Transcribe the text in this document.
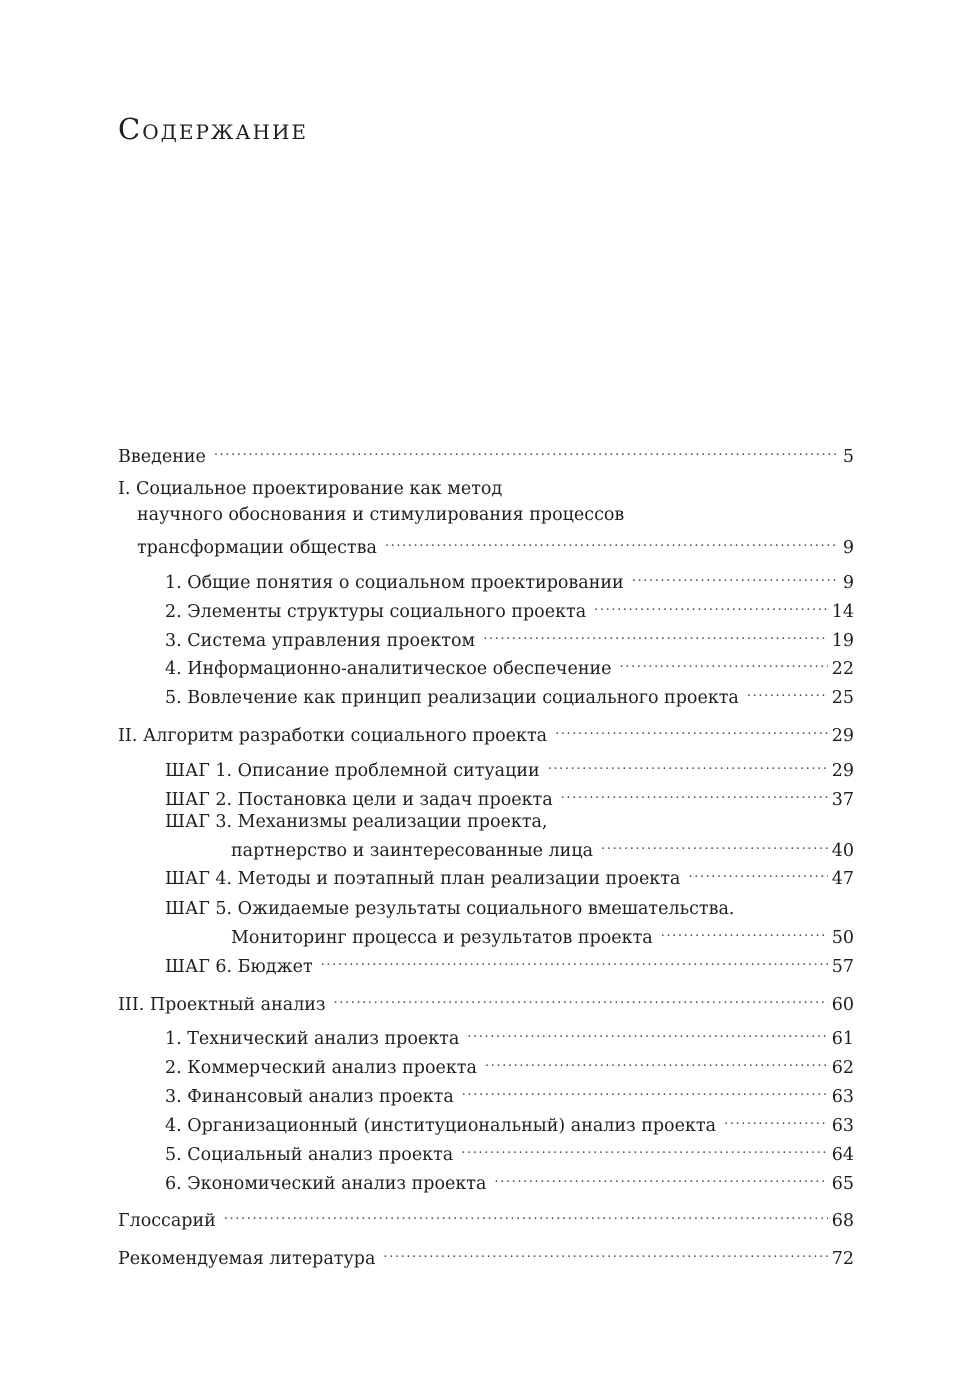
Содержание
Введение .....	5
I. Социальное проектирование как метод
научного обоснования и стимулирования процессов
трансформации общества .....	9
1. Общие понятия о социальном проектировании .....	9
2. Элементы структуры социального проекта .....	14
3. Система управления проектом .....	19
4. Информационно-аналитическое обеспечение .....	22
5. Вовлечение как принцип реализации социального проекта .....	25
II. Алгоритм разработки социального проекта .....	29
ШАГ 1. Описание проблемной ситуации .....	29
ШАГ 2. Постановка цели и задач проекта .....	37
ШАГ 3. Механизмы реализации проекта,
партнерство и заинтересованные лица .....	40
ШАГ 4. Методы и поэтапный план реализации проекта .....	47
ШАГ 5. Ожидаемые результаты социального вмешательства.
Мониторинг процесса и результатов проекта .....	50
ШАГ 6. Бюджет .....	57
III. Проектный анализ .....	60
1. Технический анализ проекта .....	61
2. Коммерческий анализ проекта .....	62
3. Финансовый анализ проекта .....	63
4. Организационный (институциональный) анализ проекта .....	63
5. Социальный анализ проекта .....	64
6. Экономический анализ проекта .....	65
Глоссарий .....	68
Рекомендуемая литература .....	72
